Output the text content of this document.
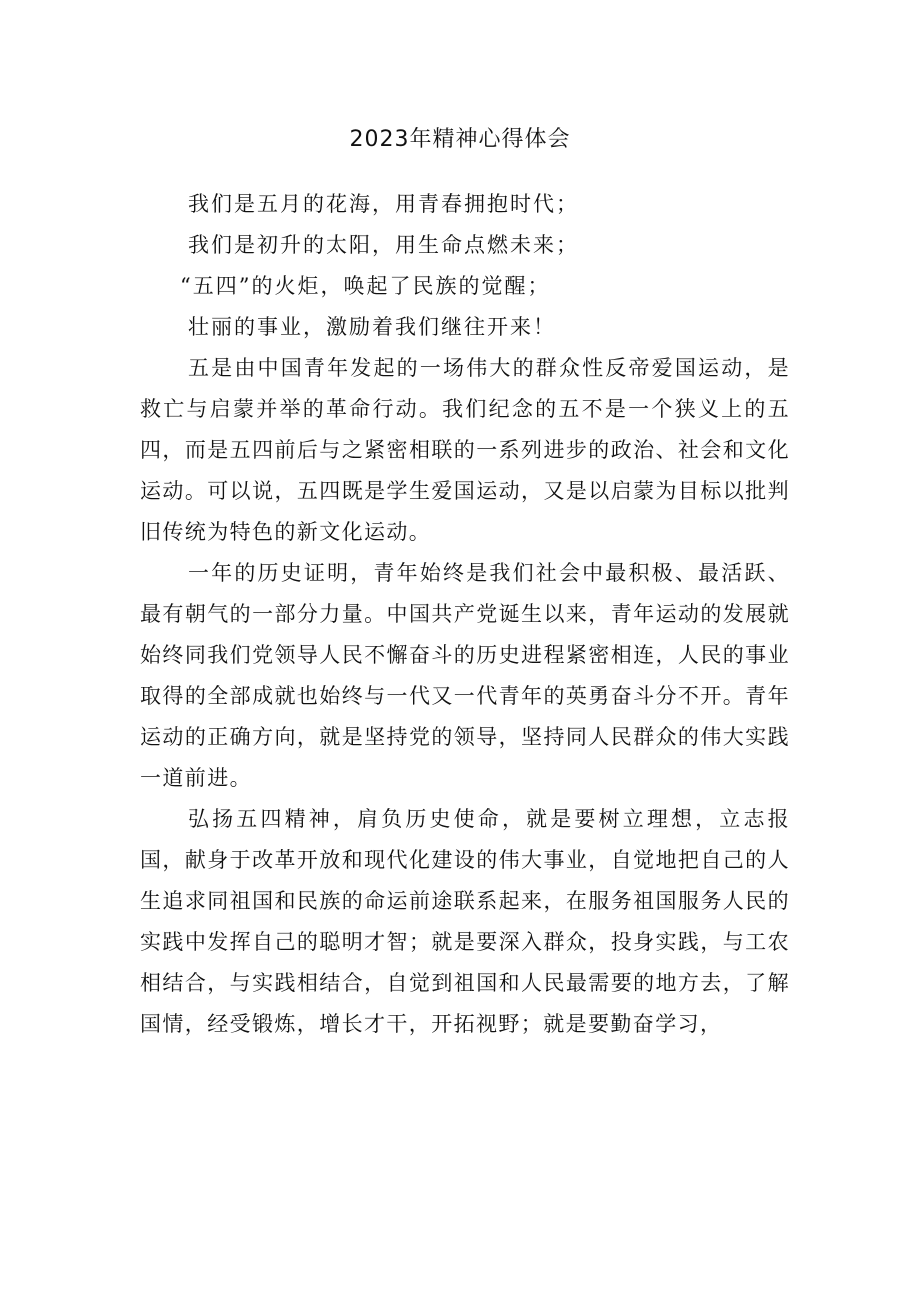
2023年精神心得体会

我们是五月的花海，用青春拥抱时代；

我们是初升的太阳，用生命点燃未来；

“五四”的火炬，唤起了民族的觉醒；

壮丽的事业，激励着我们继往开来！

五是由中国青年发起的一场伟大的群众性反帝爱国运动，是救亡与启蒙并举的革命行动。我们纪念的五不是一个狭义上的五四，而是五四前后与之紧密相联的一系列进步的政治、社会和文化运动。可以说，五四既是学生爱国运动，又是以启蒙为目标以批判旧传统为特色的新文化运动。

一年的历史证明，青年始终是我们社会中最积极、最活跃、最有朝气的一部分力量。中国共产党诞生以来，青年运动的发展就始终同我们党领导人民不懈奋斗的历史进程紧密相连，人民的事业取得的全部成就也始终与一代又一代青年的英勇奋斗分不开。青年运动的正确方向，就是坚持党的领导，坚持同人民群众的伟大实践一道前进。

弘扬五四精神，肩负历史使命，就是要树立理想，立志报国，献身于改革开放和现代化建设的伟大事业，自觉地把自己的人生追求同祖国和民族的命运前途联系起来，在服务祖国服务人民的实践中发挥自己的聪明才智；就是要深入群众，投身实践，与工农相结合，与实践相结合，自觉到祖国和人民最需要的地方去，了解国情，经受锻炼，增长才干，开拓视野；就是要勤奋学习，
